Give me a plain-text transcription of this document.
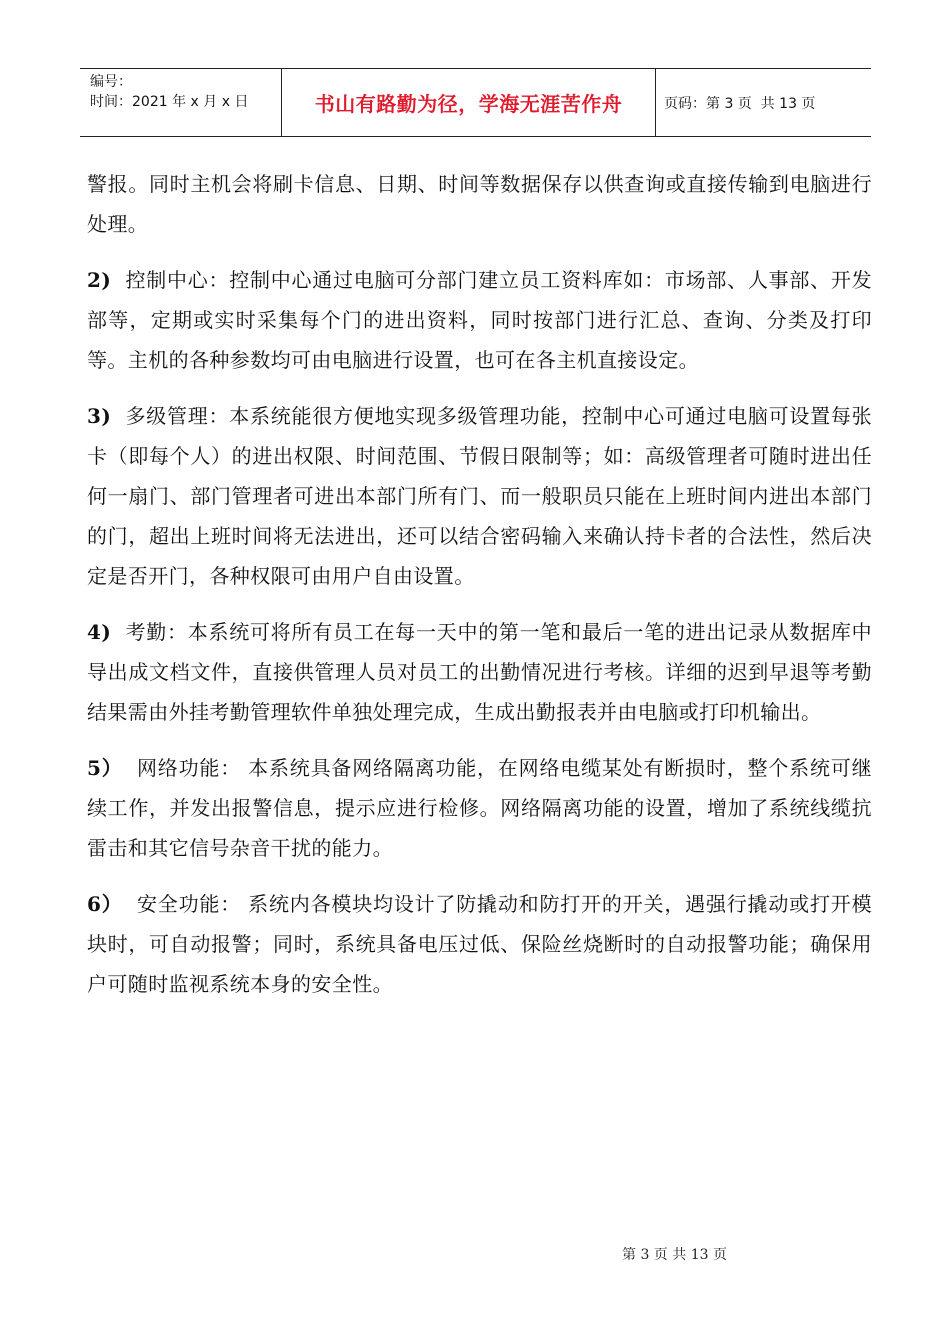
编号：
时间：2021 年 x 月 x 日	书山有路勤为径，学海无涯苦作舟	页码：第 3 页  共 13 页

警报。同时主机会将刷卡信息、日期、时间等数据保存以供查询或直接传输到电脑进行处理。

2) 控制中心：控制中心通过电脑可分部门建立员工资料库如：市场部、人事部、开发部等，定期或实时采集每个门的进出资料，同时按部门进行汇总、查询、分类及打印等。主机的各种参数均可由电脑进行设置，也可在各主机直接设定。

3) 多级管理：本系统能很方便地实现多级管理功能，控制中心可通过电脑可设置每张卡（即每个人）的进出权限、时间范围、节假日限制等；如：高级管理者可随时进出任何一扇门、部门管理者可进出本部门所有门、而一般职员只能在上班时间内进出本部门的门，超出上班时间将无法进出，还可以结合密码输入来确认持卡者的合法性，然后决定是否开门，各种权限可由用户自由设置。

4) 考勤：本系统可将所有员工在每一天中的第一笔和最后一笔的进出记录从数据库中导出成文档文件，直接供管理人员对员工的出勤情况进行考核。详细的迟到早退等考勤结果需由外挂考勤管理软件单独处理完成，生成出勤报表并由电脑或打印机输出。

5） 网络功能： 本系统具备网络隔离功能，在网络电缆某处有断损时，整个系统可继续工作，并发出报警信息，提示应进行检修。网络隔离功能的设置，增加了系统线缆抗雷击和其它信号杂音干扰的能力。

6） 安全功能： 系统内各模块均设计了防撬动和防打开的开关，遇强行撬动或打开模块时，可自动报警；同时，系统具备电压过低、保险丝烧断时的自动报警功能；确保用户可随时监视系统本身的安全性。

第 3 页 共 13 页
